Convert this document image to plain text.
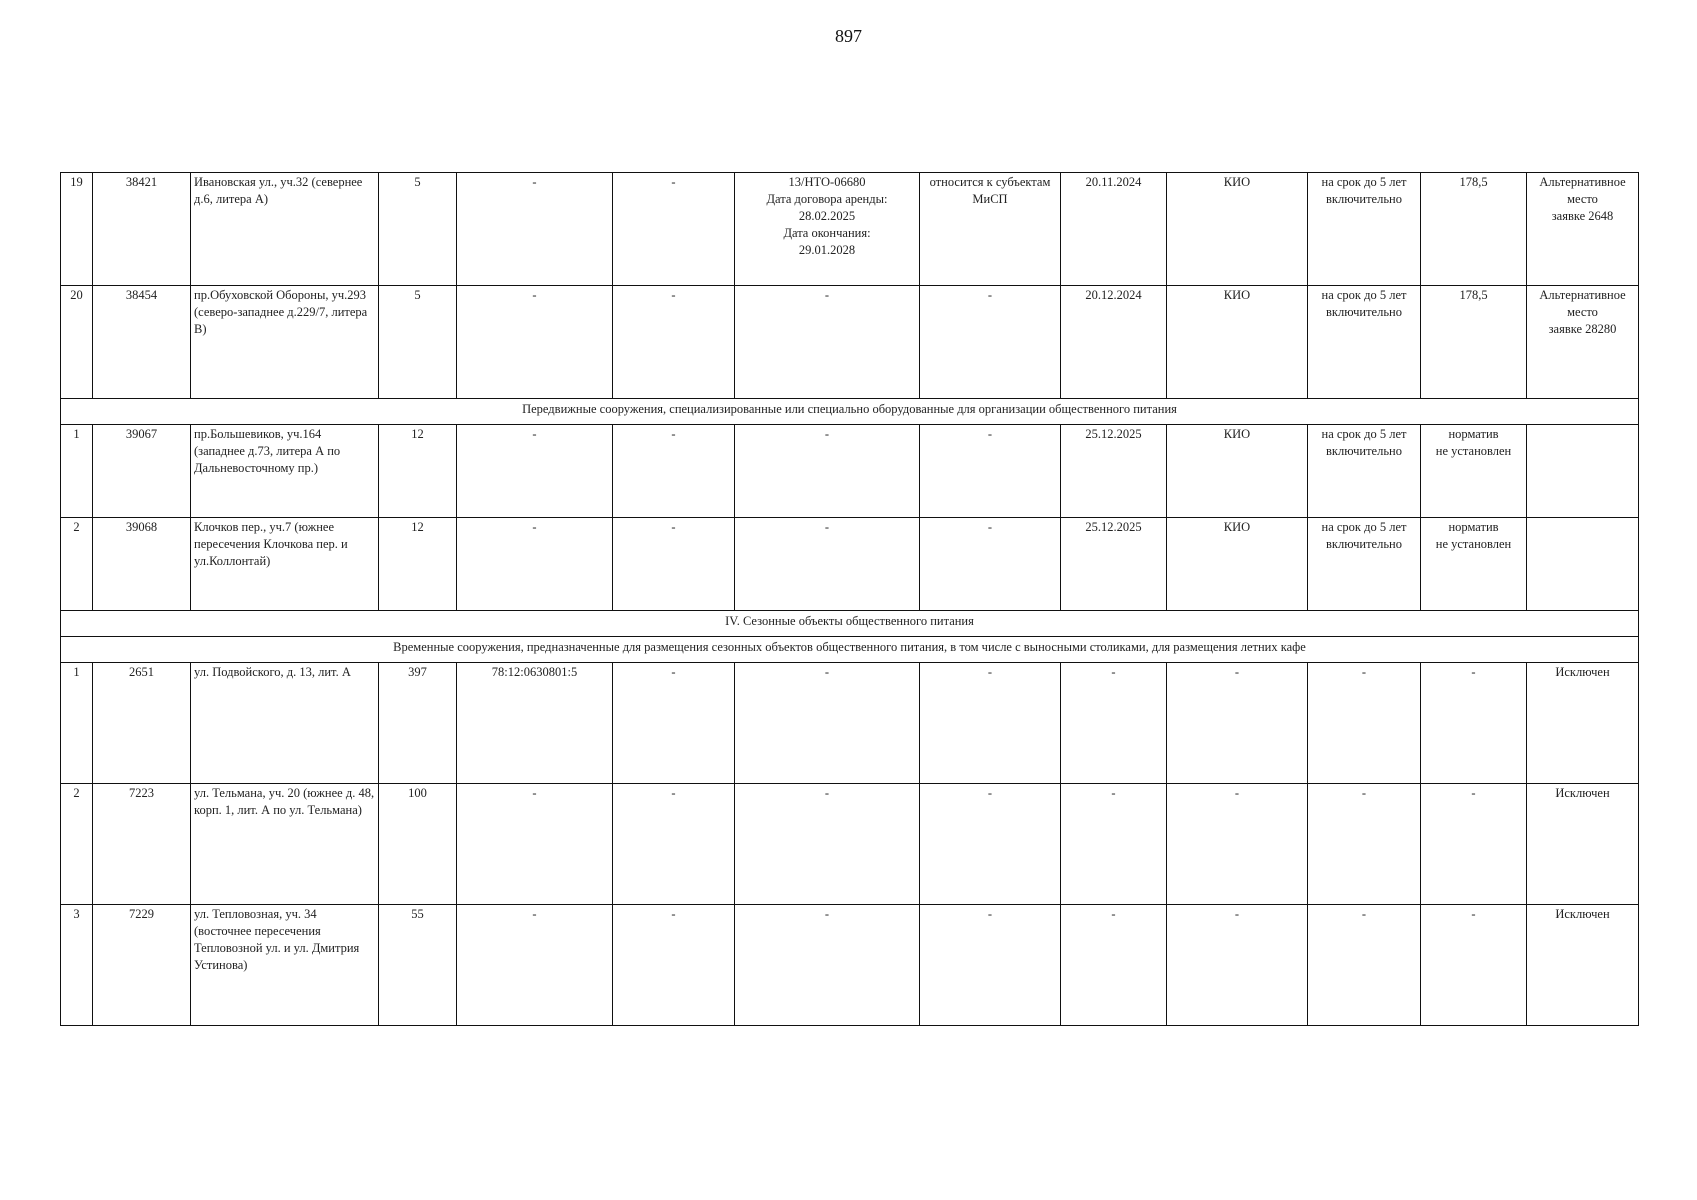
897
19	38421	Ивановская ул., уч.32 (севернее д.6, литера А)	5	-	-	13/НТО-06680
Дата договора аренды:
28.02.2025
Дата окончания:
29.01.2028	относится к субъектам МиСП	20.11.2024	КИО	на срок до 5 лет включительно	178,5	Альтернативное место
заявке 2648
20	38454	пр.Обуховской Обороны, уч.293 (северо-западнее д.229/7, литера В)	5	-	-	-	-	20.12.2024	КИО	на срок до 5 лет включительно	178,5	Альтернативное место
заявке 28280
Передвижные сооружения, специализированные или специально оборудованные для организации общественного питания												
1	39067	пр.Большевиков, уч.164 (западнее д.73, литера А по Дальневосточному пр.)	12	-	-	-	-	25.12.2025	КИО	на срок до 5 лет включительно	норматив
не установлен	
2	39068	Клочков пер., уч.7 (южнее пересечения Клочкова пер. и ул.Коллонтай)	12	-	-	-	-	25.12.2025	КИО	на срок до 5 лет включительно	норматив
не установлен	
IV. Сезонные объекты общественного питания												
Временные сооружения, предназначенные для размещения сезонных объектов общественного питания, в том числе с выносными столиками, для размещения летних кафе												
1	2651	ул. Подвойского, д. 13, лит. А	397	78:12:0630801:5	-	-	-	-	-	-	-	Исключен
2	7223	ул. Тельмана, уч. 20 (южнее д. 48, корп. 1, лит. А по ул. Тельмана)	100	-	-	-	-	-	-	-	-	Исключен
3	7229	ул. Тепловозная, уч. 34 (восточнее пересечения Тепловозной ул. и ул. Дмитрия Устинова)	55	-	-	-	-	-	-	-	-	Исключен
